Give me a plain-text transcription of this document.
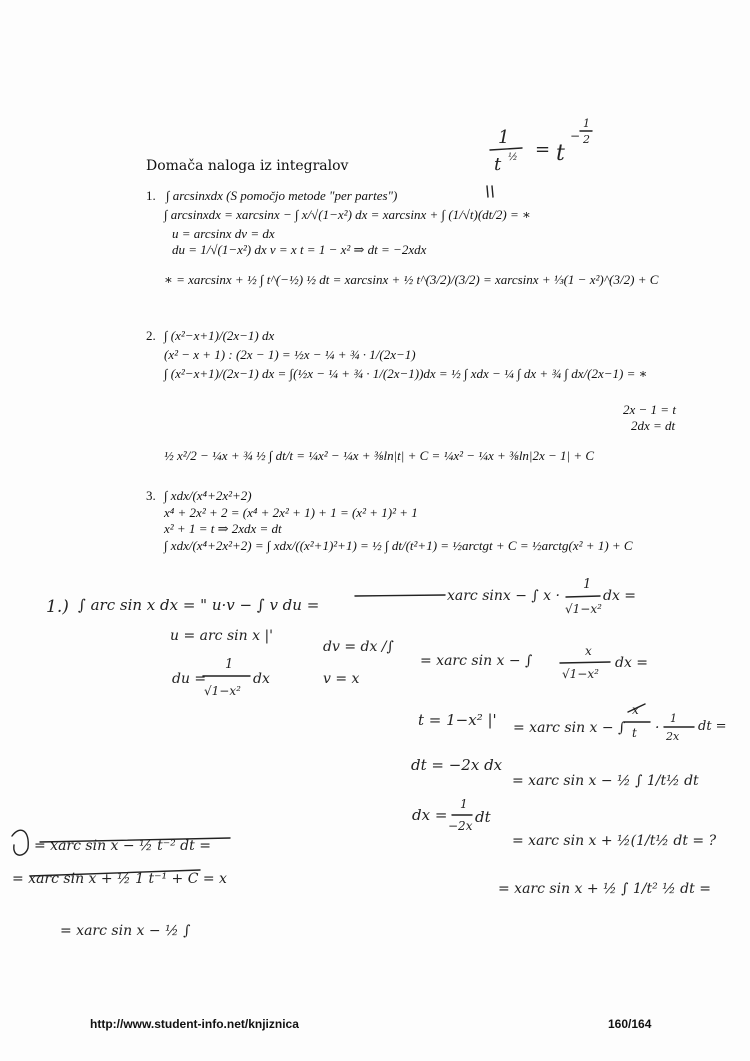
1
t ½ = t
−
1
2
1.) ∫ arc sin x dx = " u·v − ∫ v du =	xarc sinx − ∫ x ·
1
√1−x²
dx =
u = arc sin x |'
dv = dx /∫
du =
1
√1−x²
dx	v = x
= xarc sin x − ∫
x
√1−x²
dx =
t = 1−x² |' = xarc sin x − ∫
x
t ·
1
2x
dt =
dt = −2x dx
= xarc sin x − ½ ∫ 1/t½ dt
dx =
1
−2x dt
= xarc sin x + ½(1/t½ dt = ?
= xarc sin x + ½ ∫ 1/t² ½ dt =
= xarc sin x − ½ t⁻² dt =
= xarc sin x + ½ 1 t⁻¹ + C = x
= xarc sin x − ½ ∫
Domača naloga iz integralov
1. ∫ arcsinxdx (S pomočjo metode "per partes")
∫ arcsinxdx = xarcsinx − ∫ x/√(1−x²) dx = xarcsinx + ∫ (1/√t)(dt/2) = ∗
u = arcsinx dv = dx
du = 1/√(1−x²) dx v = x t = 1 − x² ⇒ dt = −2xdx
∗ = xarcsinx + ½ ∫ t^(−½) ½ dt = xarcsinx + ½ t^(3/2)/(3/2) = xarcsinx + ⅓(1 − x²)^(3/2) + C
2. ∫ (x²−x+1)/(2x−1) dx
(x² − x + 1) : (2x − 1) = ½x − ¼ + ¾ · 1/(2x−1)
∫ (x²−x+1)/(2x−1) dx = ∫(½x − ¼ + ¾ · 1/(2x−1))dx = ½ ∫ xdx − ¼ ∫ dx + ¾ ∫ dx/(2x−1) = ∗
2x − 1 = t
2dx = dt
½ x²/2 − ¼x + ¾ ½ ∫ dt/t = ¼x² − ¼x + ⅜ln|t| + C = ¼x² − ¼x + ⅜ln|2x − 1| + C
3. ∫ xdx/(x⁴+2x²+2)
x⁴ + 2x² + 2 = (x⁴ + 2x² + 1) + 1 = (x² + 1)² + 1
x² + 1 = t ⇒ 2xdx = dt
∫ xdx/(x⁴+2x²+2) = ∫ xdx/((x²+1)²+1) = ½ ∫ dt/(t²+1) = ½arctgt + C = ½arctg(x² + 1) + C
http://www.student-info.net/knjiznica	160/164
